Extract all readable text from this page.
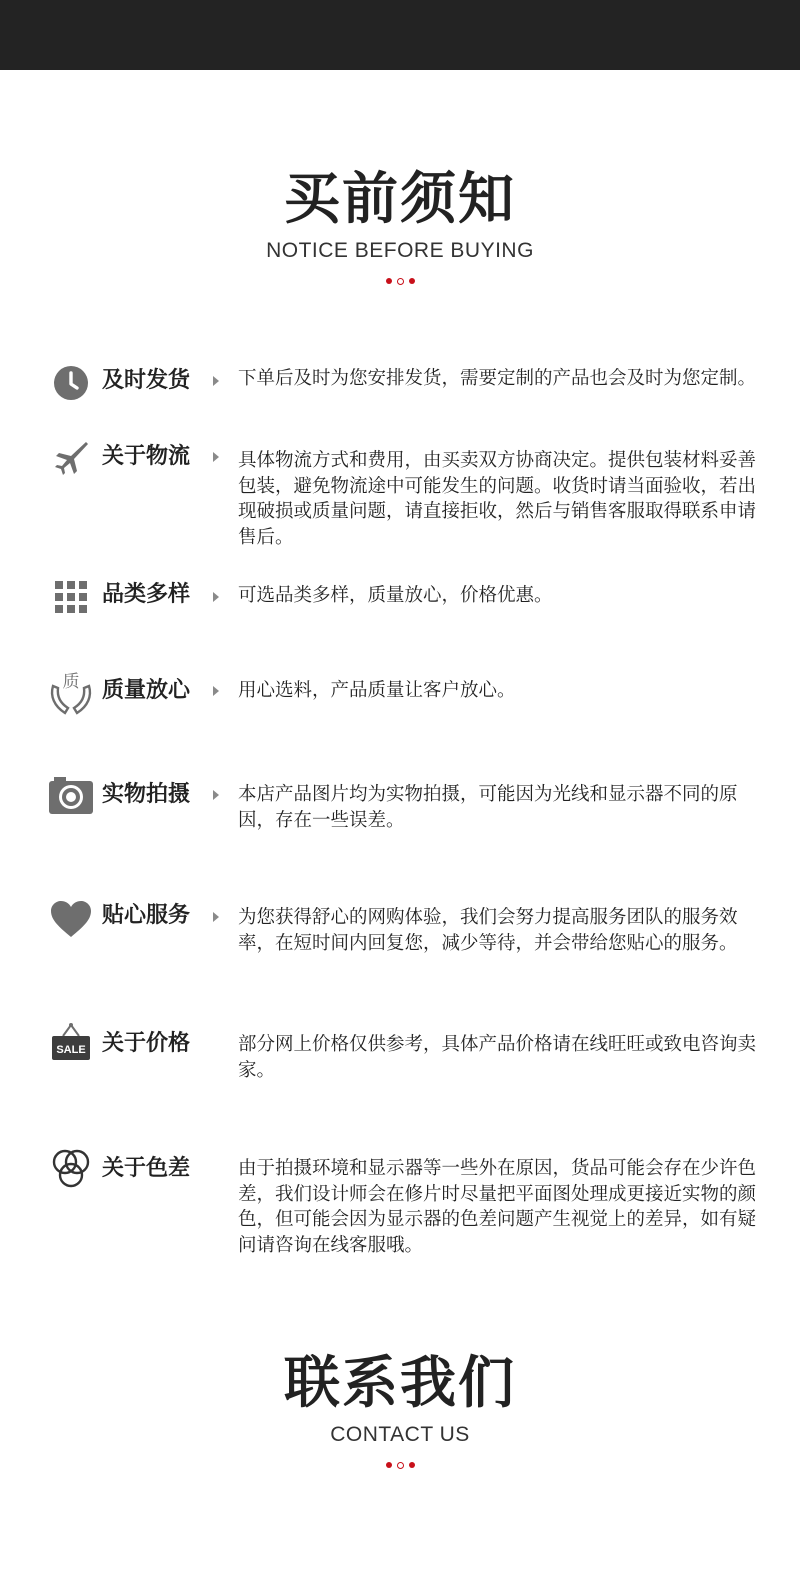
买前须知
NOTICE BEFORE BUYING
及时发货	下单后及时为您安排发货，需要定制的产品也会及时为您定制。
关于物流	具体物流方式和费用，由买卖双方协商决定。提供包装材料妥善包装，避免物流途中可能发生的问题。收货时请当面验收，若出现破损或质量问题，请直接拒收，然后与销售客服取得联系申请售后。
品类多样	可选品类多样，质量放心，价格优惠。
质 质量放心	用心选料，产品质量让客户放心。
实物拍摄	本店产品图片均为实物拍摄，可能因为光线和显示器不同的原因，存在一些误差。
贴心服务	为您获得舒心的网购体验，我们会努力提高服务团队的服务效率，在短时间内回复您，减少等待，并会带给您贴心的服务。
SALE 关于价格	部分网上价格仅供参考，具体产品价格请在线旺旺或致电咨询卖家。
关于色差	由于拍摄环境和显示器等一些外在原因，货品可能会存在少许色差，我们设计师会在修片时尽量把平面图处理成更接近实物的颜色，但可能会因为显示器的色差问题产生视觉上的差异，如有疑问请咨询在线客服哦。
联系我们
CONTACT US
